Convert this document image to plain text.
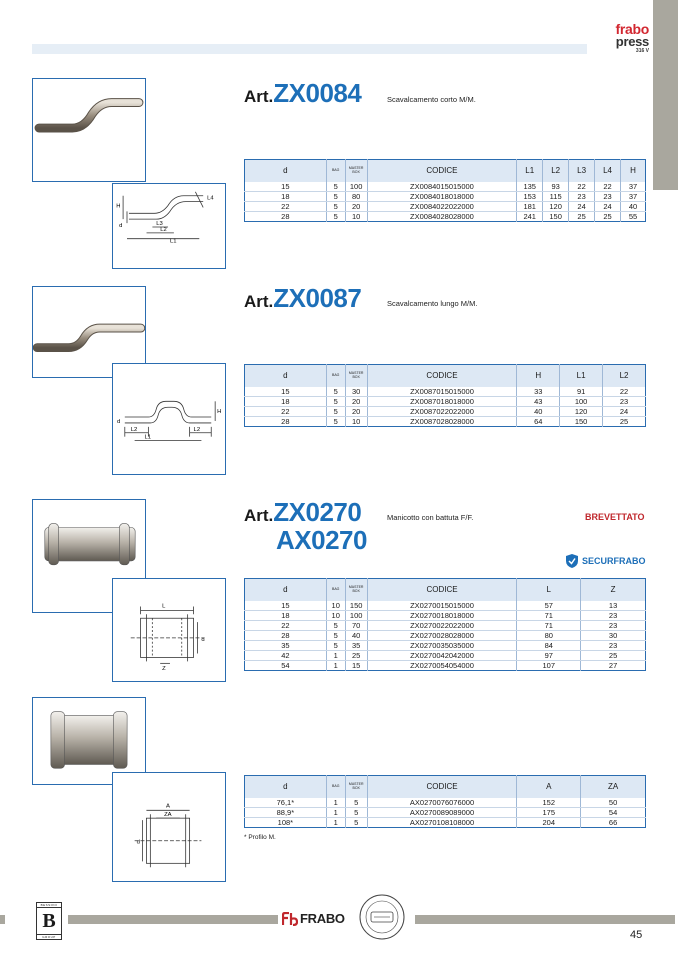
frabo
press
316 V
H
L4
L3
L2
L1
d
Art.ZX0084	Scavalcamento corto M/M.
d	BAG	MASTER BOX	CODICE	L1	L2	L3	L4	H
15	5	100	ZX0084015015000	135	93	22	22	37
18	5	80	ZX0084018018000	153	115	23	23	37
22	5	20	ZX0084022022000	181	120	24	24	40
28	5	10	ZX0084028028000	241	150	25	25	55
d
H
L2
L1
L2
Art.ZX0087	Scavalcamento lungo M/M.
d	BAG	MASTER BOX	CODICE	H	L1	L2
15	5	30	ZX0087015015000	33	91	22
18	5	20	ZX0087018018000	43	100	23
22	5	20	ZX0087022022000	40	120	24
28	5	10	ZX0087028028000	64	150	25
L
d
Z
Art.ZX0270
AX0270
Manicotto con battuta F/F.	BREVETTATO
SECURFRABO
d	BAG	MASTER BOX	CODICE	L	Z
15	10	150	ZX0270015015000	57	13
18	10	100	ZX0270018018000	71	23
22	5	70	ZX0270022022000	71	23
28	5	40	ZX0270028028000	80	30
35	5	35	ZX0270035035000	84	23
42	1	25	ZX0270042042000	97	25
54	1	15	ZX0270054054000	107	27
A
ZA
d
d	BAG	MASTER BOX	CODICE	A	ZA
76,1*	1	5	AX0270076076000	152	50
88,9*	1	5	AX0270089089000	175	54
108*	1	5	AX0270108108000	204	66
* Profilo M.
BESSONI
B
GROUP
FRABO
45
